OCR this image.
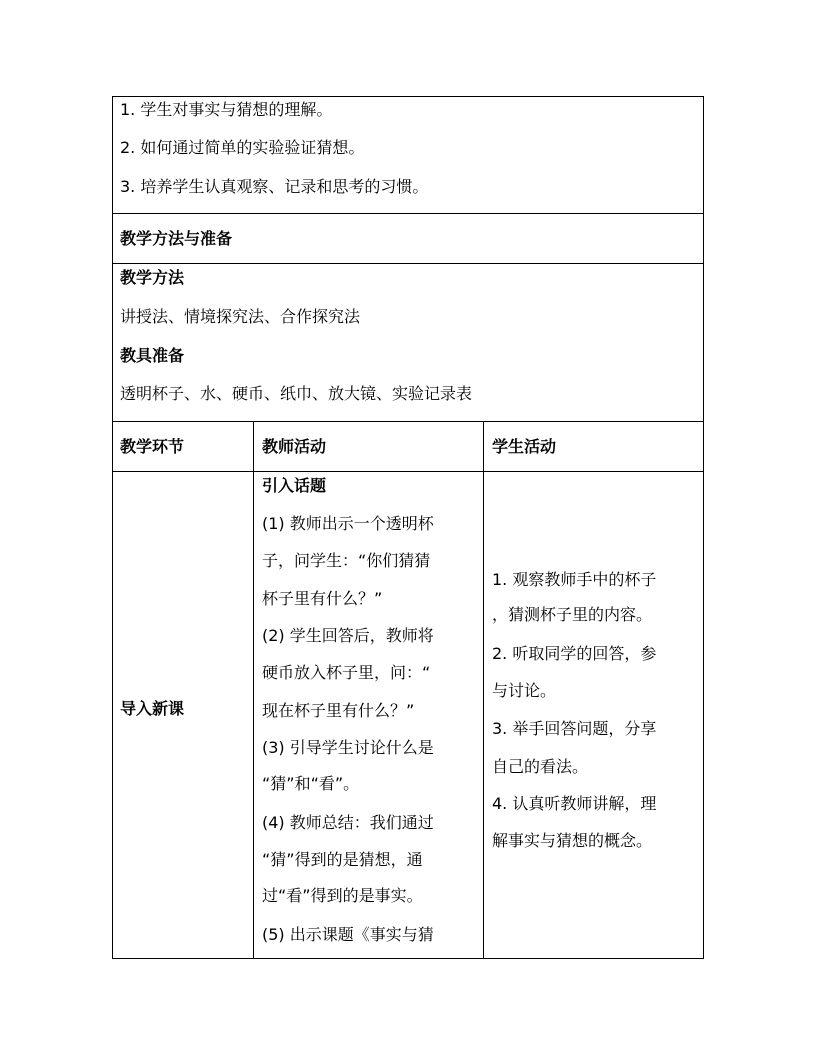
1. 学生对事实与猜想的理解。
2. 如何通过简单的实验验证猜想。
3. 培养学生认真观察、记录和思考的习惯。
教学方法与准备
教学方法
讲授法、情境探究法、合作探究法
教具准备
透明杯子、水、硬币、纸巾、放大镜、实验记录表
教学环节	教师活动	学生活动
导入新课
引入话题
(1) 教师出示一个透明杯
子，问学生：“你们猜猜
杯子里有什么？”
(2) 学生回答后，教师将
硬币放入杯子里，问：“
现在杯子里有什么？”
(3) 引导学生讨论什么是
“猜”和“看”。
(4) 教师总结：我们通过
“猜”得到的是猜想，通
过“看”得到的是事实。
(5) 出示课题《事实与猜
1. 观察教师手中的杯子
，猜测杯子里的内容。
2. 听取同学的回答，参
与讨论。
3. 举手回答问题，分享
自己的看法。
4. 认真听教师讲解，理
解事实与猜想的概念。
